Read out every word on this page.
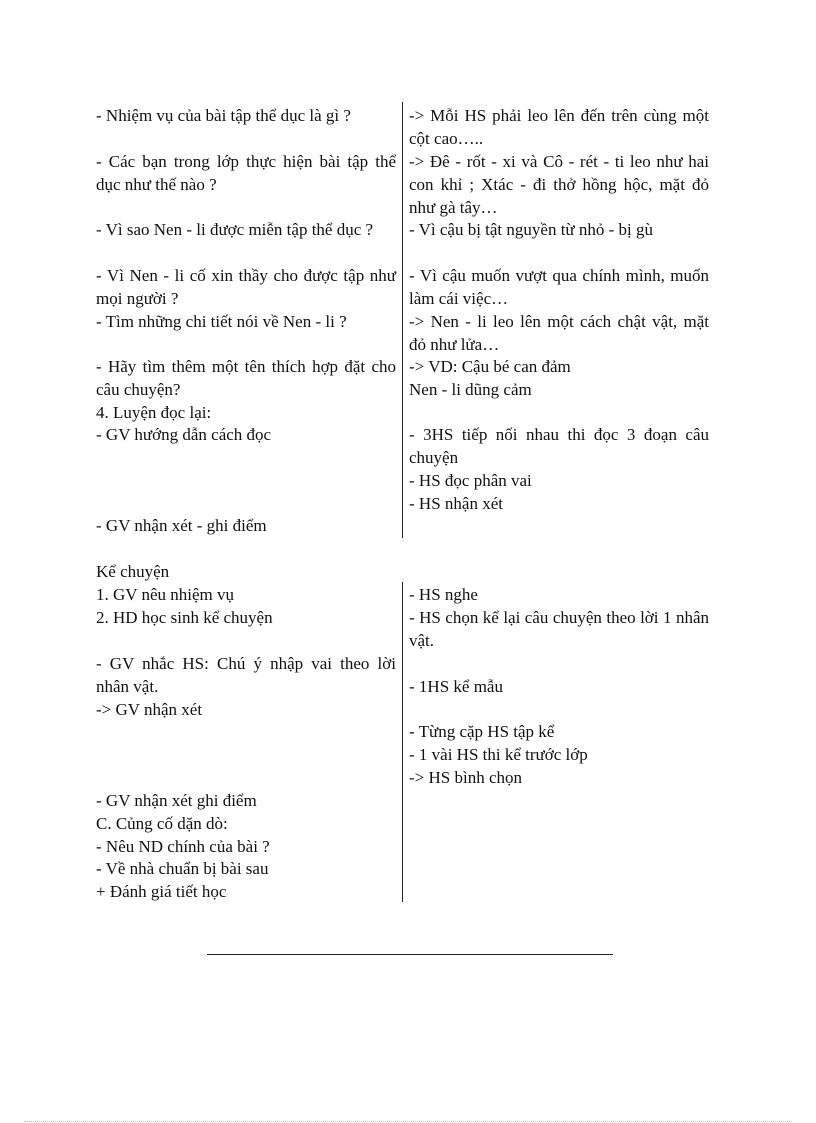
- Nhiệm vụ của bài tập thể dục là gì ?

- Các bạn trong lớp thực hiện bài tập thể dục như thế nào ?

- Vì sao Nen - li được miễn tập thể dục ?

- Vì Nen - li cố xin thầy cho được tập như mọi người ?

- Tìm những chi tiết nói về Nen - li ?

- Hãy tìm thêm một tên thích hợp đặt cho câu chuyện?

4. Luyện đọc lại:

- GV hướng dẫn cách đọc

- GV nhận xét - ghi điểm

-> Mỗi HS phải leo lên đến trên cùng một cột cao…..

-> Đê - rốt - xi và Cô - rét - ti leo như hai con khỉ ; Xtác - đi thở hồng hộc, mặt đỏ như gà tây…

- Vì cậu bị tật nguyền từ nhỏ - bị gù

- Vì cậu muốn vượt qua chính mình, muốn làm cái việc…

-> Nen - li leo lên một cách chật vật, mặt đỏ như lửa…

-> VD: Cậu bé can đảm

Nen - li dũng cảm

- 3HS tiếp nối nhau thi đọc 3 đoạn câu chuyện

- HS đọc phân vai

- HS nhận xét

Kể chuyện

1. GV nêu nhiệm vụ

2. HD học sinh kể chuyện

- GV nhắc HS: Chú ý nhập vai theo lời nhân vật.

-> GV nhận xét

- GV nhận xét ghi điểm

C. Củng cố dặn dò:

- Nêu ND chính của bài ?

- Về nhà chuẩn bị bài sau

+ Đánh giá tiết học

- HS nghe

- HS chọn kể lại câu chuyện theo lời 1 nhân vật.

- 1HS kể mẫu

- Từng cặp HS tập kể

- 1 vài HS thi kể trước lớp

-> HS bình chọn
